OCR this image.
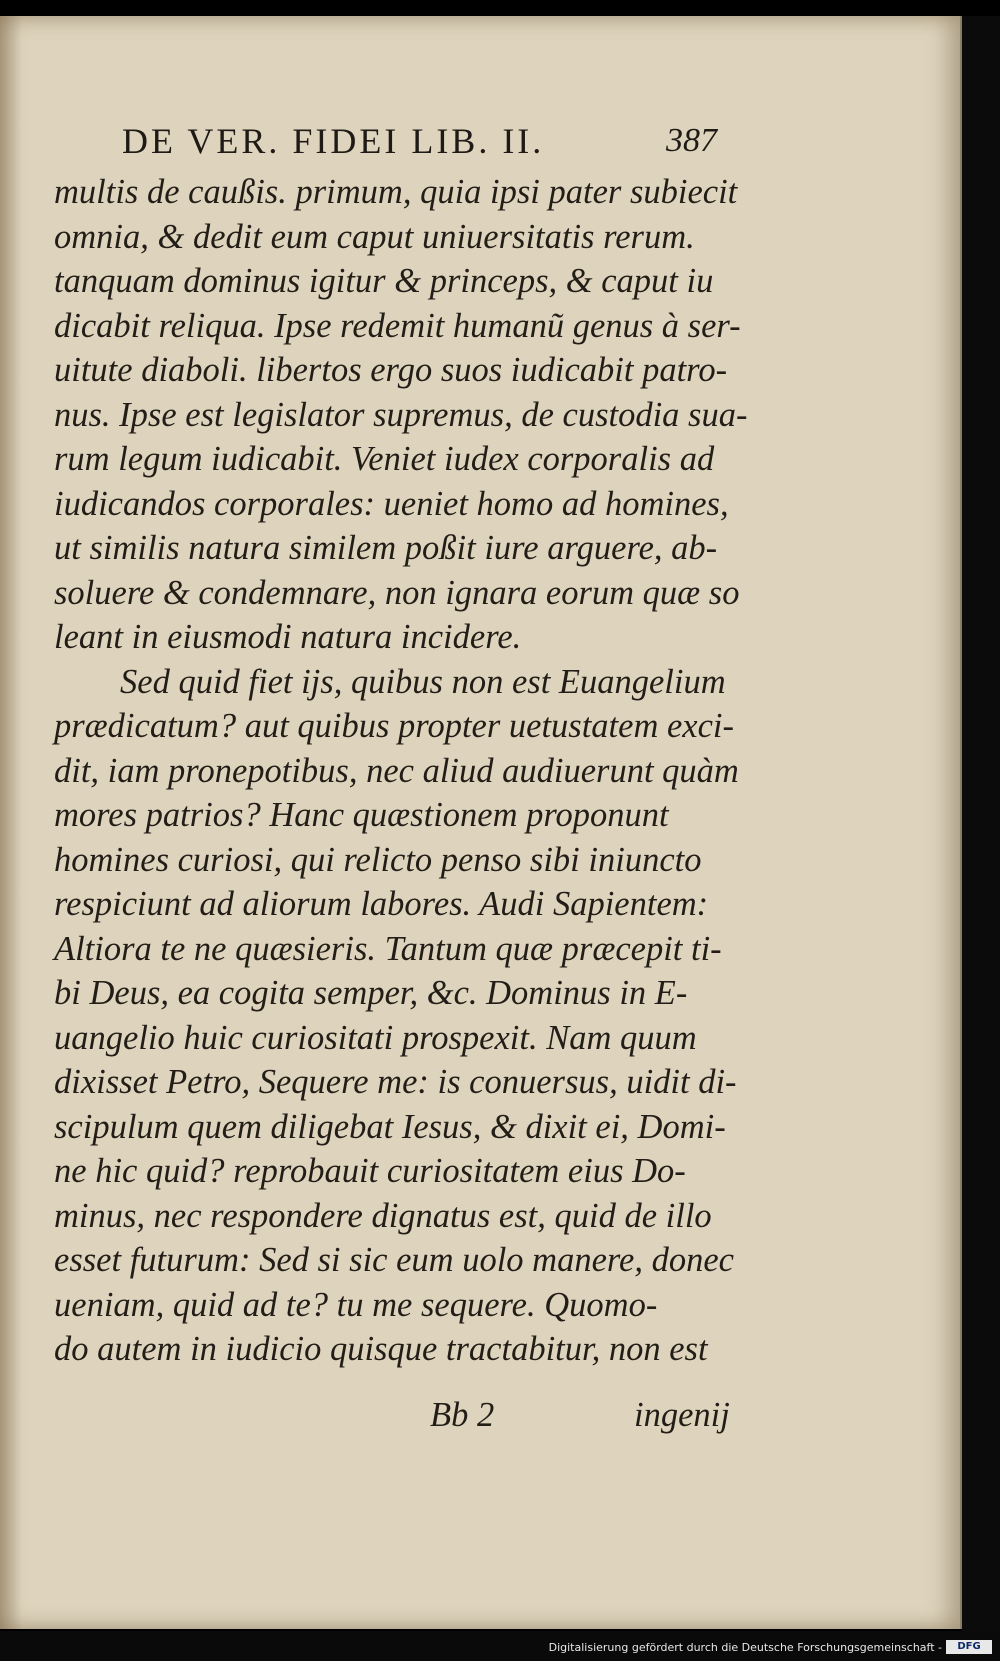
DE VER. FIDEI LIB. II.	387
multis de caußis. primum, quia ipsi pater subiecit
omnia, & dedit eum caput uniuersitatis rerum.
tanquam dominus igitur & princeps, & caput iu
dicabit reliqua. Ipse redemit humanũ genus à ser-
uitute diaboli. libertos ergo suos iudicabit patro-
nus. Ipse est legislator supremus, de custodia sua-
rum legum iudicabit. Veniet iudex corporalis ad
iudicandos corporales: ueniet homo ad homines,
ut similis natura similem poßit iure arguere, ab-
soluere & condemnare, non ignara eorum quæ so
leant in eiusmodi natura incidere.
Sed quid fiet ijs, quibus non est Euangelium
prædicatum? aut quibus propter uetustatem exci-
dit, iam pronepotibus, nec aliud audiuerunt quàm
mores patrios? Hanc quæstionem proponunt
homines curiosi, qui relicto penso sibi iniuncto
respiciunt ad aliorum labores. Audi Sapientem:
Altiora te ne quæsieris. Tantum quæ præcepit ti-
bi Deus, ea cogita semper, &c. Dominus in E-
uangelio huic curiositati prospexit. Nam quum
dixisset Petro, Sequere me: is conuersus, uidit di-
scipulum quem diligebat Iesus, & dixit ei, Domi-
ne hic quid? reprobauit curiositatem eius Do-
minus, nec respondere dignatus est, quid de illo
esset futurum: Sed si sic eum uolo manere, donec
ueniam, quid ad te? tu me sequere. Quomo-
do autem in iudicio quisque tractabitur, non est
Bb 2	ingenij
Digitalisierung gefördert durch die Deutsche Forschungsgemeinschaft -	DFG
